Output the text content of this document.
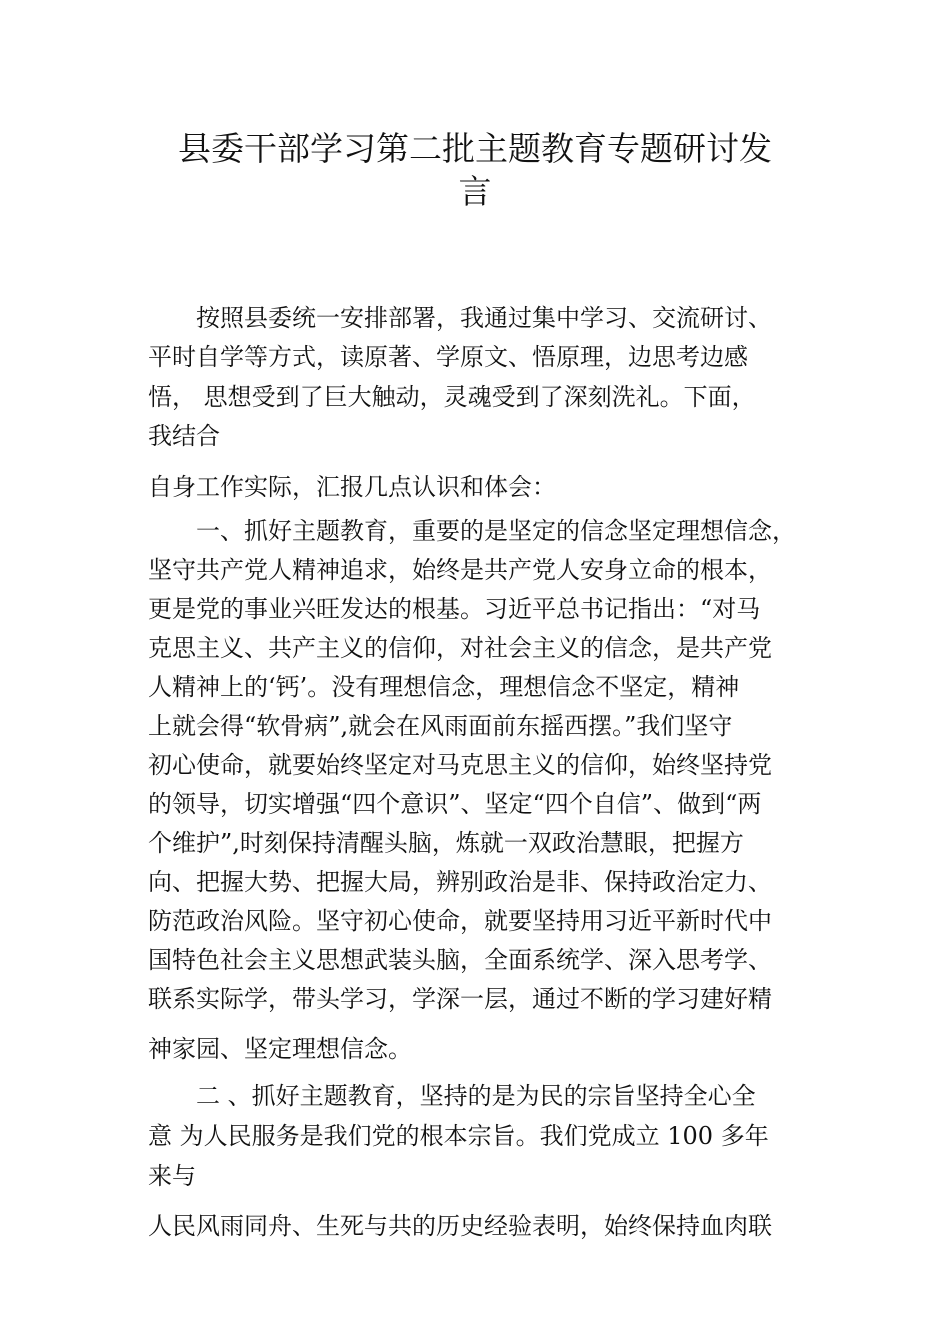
县委干部学习第二批主题教育专题研讨发
言

按照县委统一安排部署，我通过集中学习、交流研讨、

平时自学等方式，读原著、学原文、悟原理，边思考边感

悟， 思想受到了巨大触动，灵魂受到了深刻洗礼。下面，

我结合

自身工作实际，汇报几点认识和体会：

一、抓好主题教育，重要的是坚定的信念坚定理想信念，

坚守共产党人精神追求，始终是共产党人安身立命的根本，

更是党的事业兴旺发达的根基。习近平总书记指出：“对马

克思主义、共产主义的信仰，对社会主义的信念，是共产党

人精神上的‘钙’。没有理想信念，理想信念不坚定，精神

上就会得“软骨病”,就会在风雨面前东摇西摆。”我们坚守

初心使命，就要始终坚定对马克思主义的信仰，始终坚持党

的领导，切实增强“四个意识”、坚定“四个自信”、做到“两

个维护”,时刻保持清醒头脑，炼就一双政治慧眼，把握方

向、把握大势、把握大局，辨别政治是非、保持政治定力、

防范政治风险。坚守初心使命，就要坚持用习近平新时代中

国特色社会主义思想武装头脑，全面系统学、深入思考学、

联系实际学，带头学习，学深一层，通过不断的学习建好精

神家园、坚定理想信念。

二 、抓好主题教育，坚持的是为民的宗旨坚持全心全

意 为人民服务是我们党的根本宗旨。我们党成立 100 多年

来与

人民风雨同舟、生死与共的历史经验表明，始终保持血肉联
